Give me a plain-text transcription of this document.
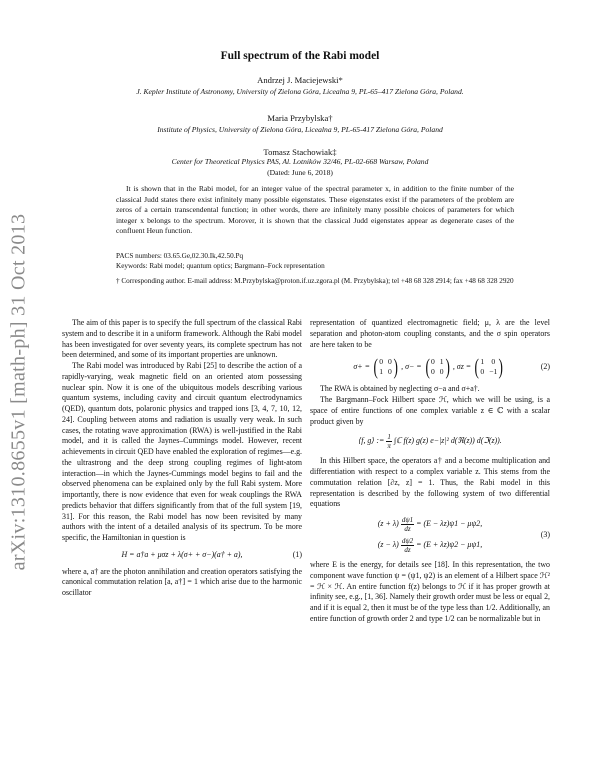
arXiv:1310.8655v1 [math-ph] 31 Oct 2013
Full spectrum of the Rabi model
Andrzej J. Maciejewski*
J. Kepler Institute of Astronomy, University of Zielona Góra, Licealna 9, PL-65–417 Zielona Góra, Poland.
Maria Przybylska†
Institute of Physics, University of Zielona Góra, Licealna 9, PL-65-417 Zielona Góra, Poland
Tomasz Stachowiak‡
Center for Theoretical Physics PAS, Al. Lotników 32/46, PL-02-668 Warsaw, Poland
(Dated: June 6, 2018)
It is shown that in the Rabi model, for an integer value of the spectral parameter x, in addition to the finite number of the classical Judd states there exist infinitely many possible eigenstates. These eigenstates exist if the parameters of the problem are zeros of a certain transcendental function; in other words, there are infinitely many possible choices of parameters for which integer x belongs to the spectrum. Morover, it is shown that the classical Judd eigenstates appear as degenerate cases of the confluent Heun function.
PACS numbers: 03.65.Ge,02.30.Ik,42.50.Pq
Keywords: Rabi model; quantum optics; Bargmann–Fock representation
† Corresponding author. E-mail address: M.Przybylska@proton.if.uz.zgora.pl (M. Przybylska); tel +48 68 328 2914; fax +48 68 328 2920

The aim of this paper is to specify the full spectrum of the classical Rabi system and to describe it in a uniform framework. Although the Rabi model has been investigated for over seventy years, its complete spectrum has not been determined, and some of its important properties are unknown.

The Rabi model was introduced by Rabi [25] to describe the action of a rapidly-varying, weak magnetic field on an oriented atom possessing nuclear spin. Now it is one of the ubiquitous models describing various quantum systems, including cavity and circuit quantum electrodynamics (QED), quantum dots, polaronic physics and trapped ions [3, 4, 7, 10, 12, 24]. Coupling between atoms and radiation is usually very weak. In such cases, the rotating wave approximation (RWA) is well-justified in the Rabi model, and it is called the Jaynes–Cummings model. However, recent achievements in circuit QED have enabled the exploration of regimes—e.g. the ultrastrong and the deep strong coupling regimes of light-atom interaction—in which the Jaynes-Cummings model begins to fail and the observed phenomena can be explained only by the full Rabi system. More importantly, there is now evidence that even for weak couplings the RWA predicts behavior that differs significantly from that of the full system [19, 31]. For this reason, the Rabi model has now been revisited by many authors with the intent of a detailed analysis of its spectrum. To be more specific, the Hamiltonian in question is

H = a†a + μσz + λ(σ+ + σ−)(a† + a),	(1)

where a, a† are the photon annihilation and creation operators satisfying the canonical commutation relation [a, a†] = 1 which arise due to the harmonic oscillator

representation of quantized electromagnetic field; μ, λ are the level separation and photon-atom coupling constants, and the σ spin operators are here taken to be

σ+ = ( 0 0
1 0 ) , σ− = ( 0 1
0 0 ) , σz = ( 1 0
0 −1 )	(2)

The RWA is obtained by neglecting σ−a and σ+a†.

The Bargmann–Fock Hilbert space ℋ, which we will be using, is a space of entire functions of one complex variable z ∈ ℂ with a scalar product given by

⟨f, g⟩ := $\frac{1}{\pi}$ ∫ℂ f(z) g(z) e−|z|² d(ℜ(z)) d(ℑ(z)).

In this Hilbert space, the operators a† and a become multiplication and differentiation with respect to a complex variable z. This stems from the commutation relation [∂z, z] = 1. Thus, the Rabi model in this representation is described by the following system of two differential equations

$(z + \lambda) \frac{d\psi 1}{dz} = (E - \lambda z)\psi 1 - \mu\psi 2$,
$(z - \lambda) \frac{d\psi 2}{dz} = (E + \lambda z)\psi 2 - \mu\psi 1$,
(3)

where E is the energy, for details see [18]. In this representation, the two component wave function ψ = (ψ1, ψ2) is an element of a Hilbert space ℋ² = ℋ × ℋ. An entire function f(z) belongs to ℋ if it has proper growth at infinity see, e.g., [1, 36]. Namely their growth order must be less or equal 2, and if it is equal 2, then it must be of the type less than 1/2. Additionally, an entire function of growth order 2 and type 1/2 can be normalizable but in
